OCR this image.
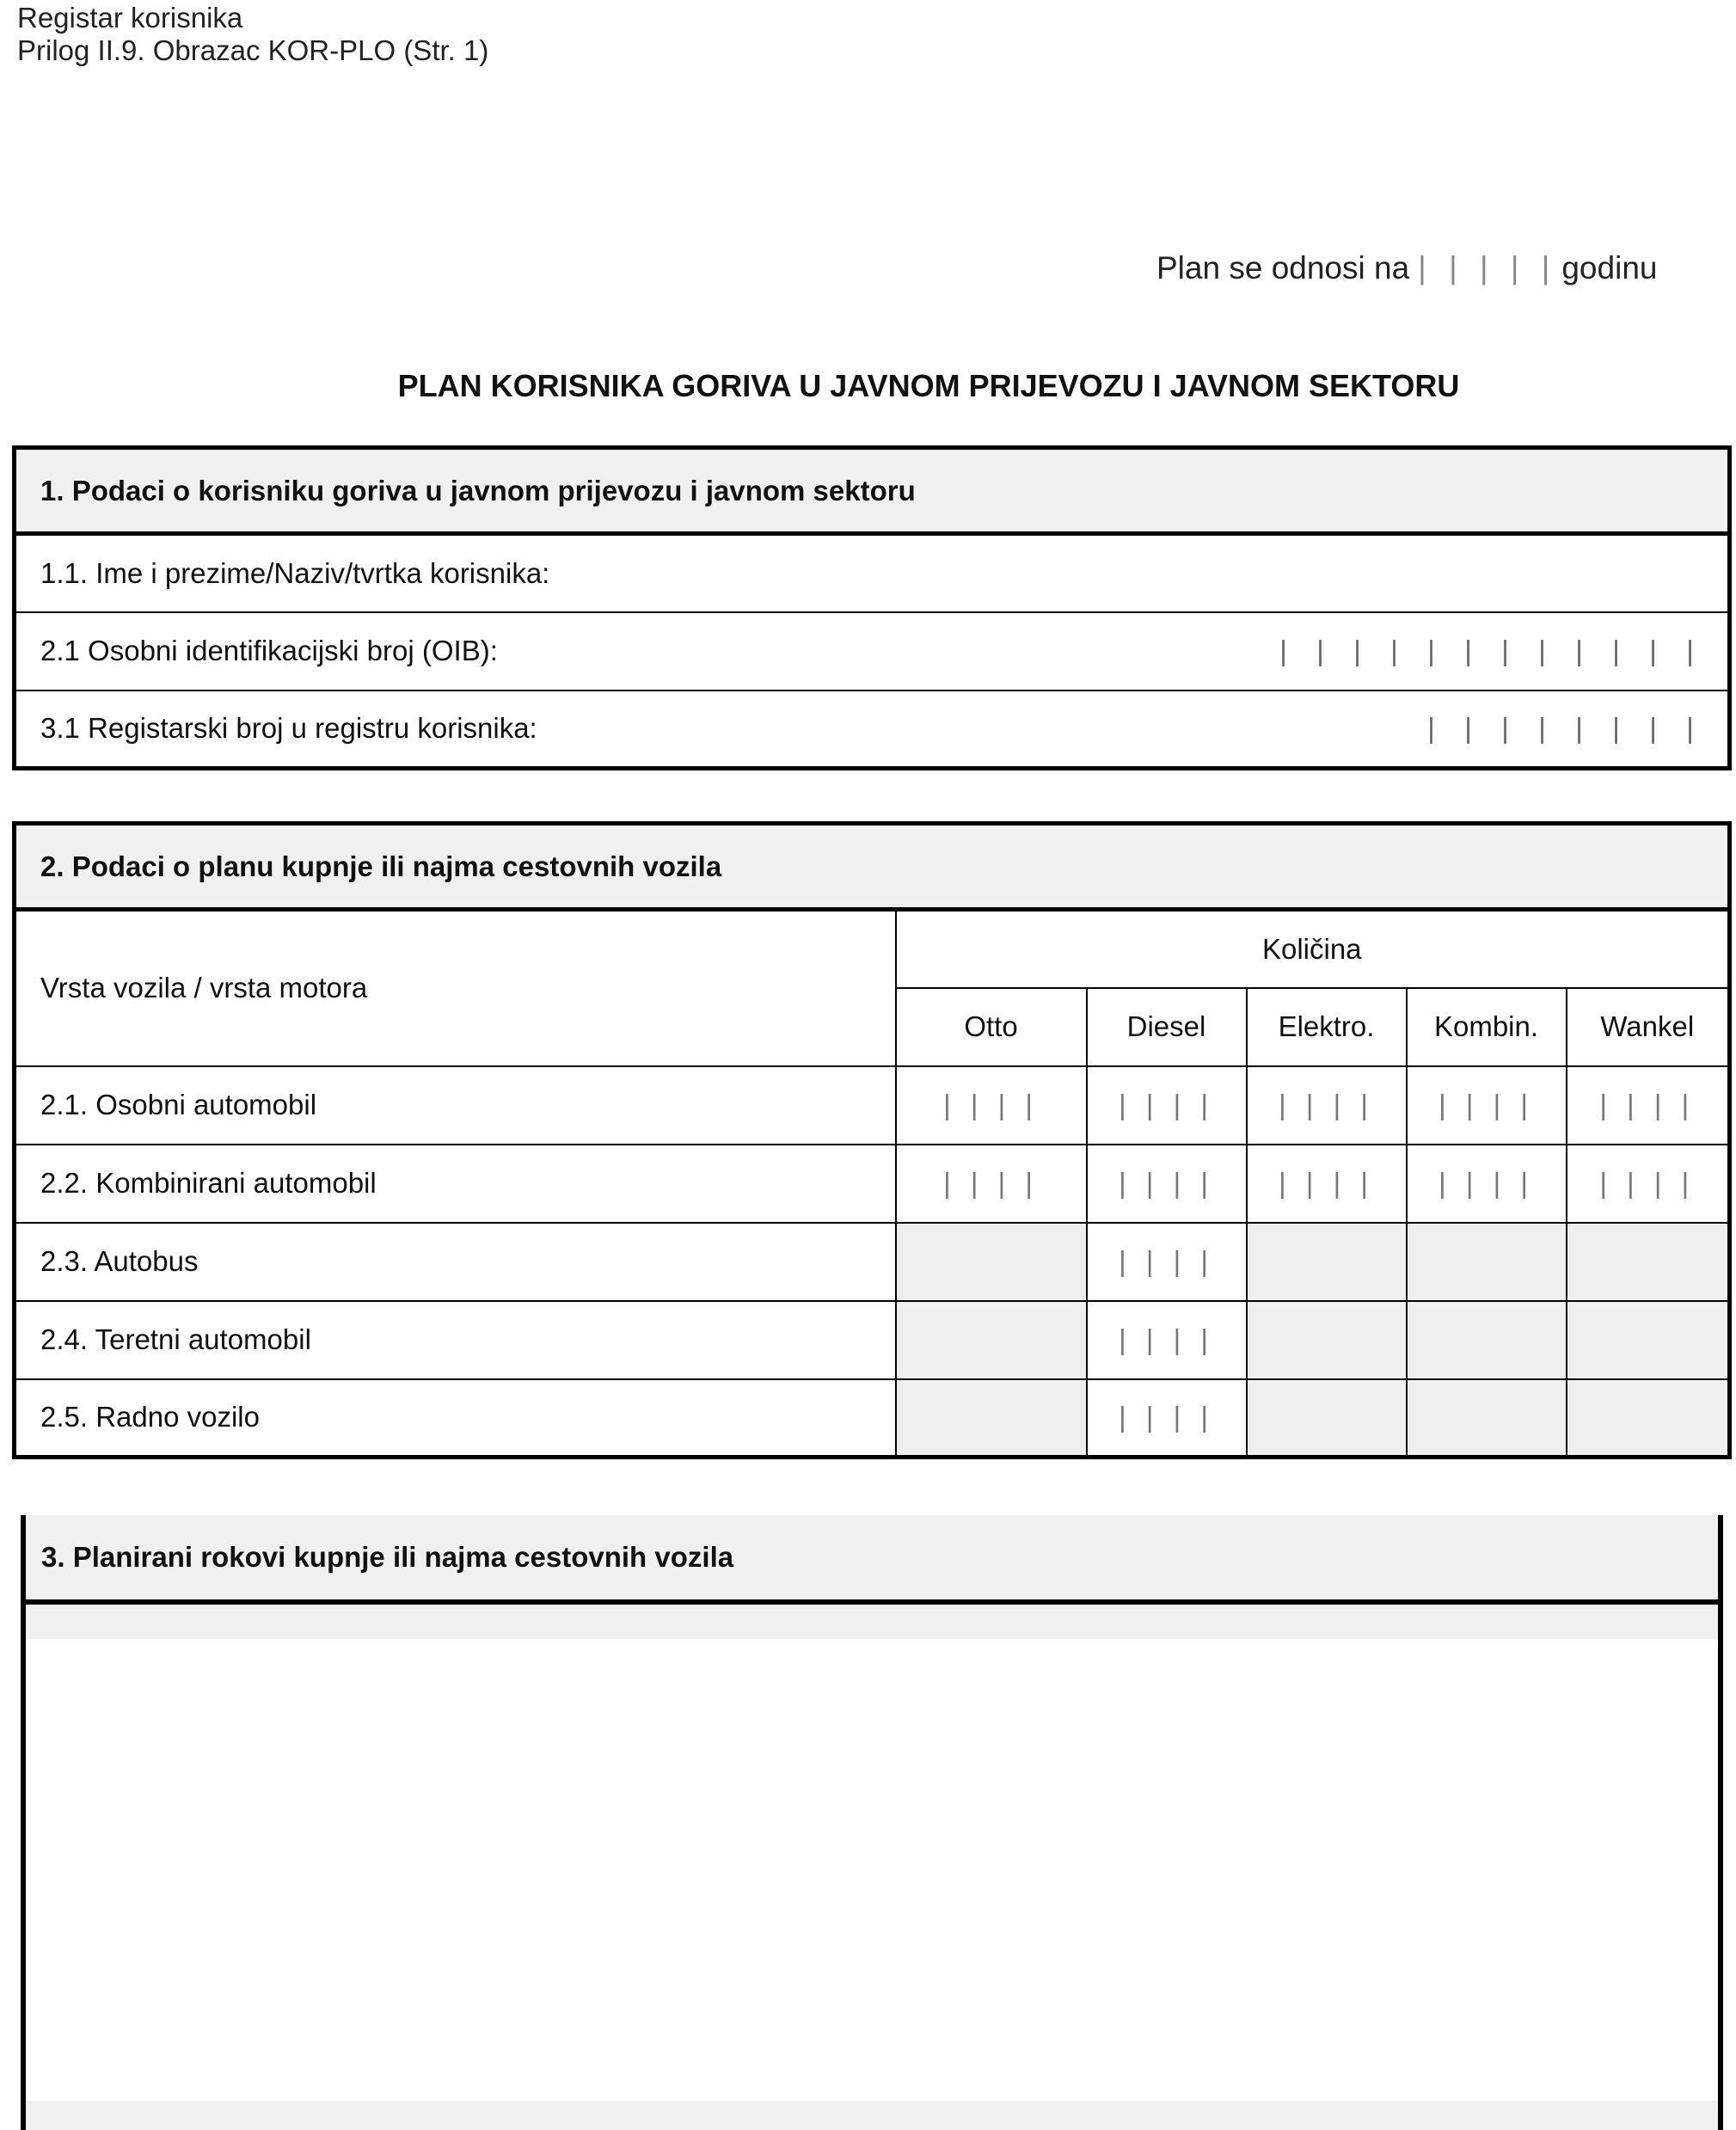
Registar korisnika
Prilog II.9. Obrazac KOR-PLO (Str. 1)
Plan se odnosi na | | | | | godinu
PLAN KORISNIKA GORIVA U JAVNOM PRIJEVOZU I JAVNOM SEKTORU
1. Podaci o korisniku goriva u javnom prijevozu i javnom sektoru
1.1. Ime i prezime/Naziv/tvrtka korisnika:

2.1 Osobni identifikacijski broj (OIB):	| | | | | | | | | | | |

3.1 Registarski broj u registru korisnika:	| | | | | | | |
2. Podaci o planu kupnje ili najma cestovnih vozila					
Vrsta vozila / vrsta motora	Količina				
	Otto	Diesel	Elektro.	Kombin.	Wankel
2.1. Osobni automobil	| | | |	| | | |	| | | |	| | | |	| | | |
2.2. Kombinirani automobil	| | | |	| | | |	| | | |	| | | |	| | | |
2.3. Autobus		| | | |			
2.4. Teretni automobil		| | | |			
2.5. Radno vozilo		| | | |			
3. Planirani rokovi kupnje ili najma cestovnih vozila
